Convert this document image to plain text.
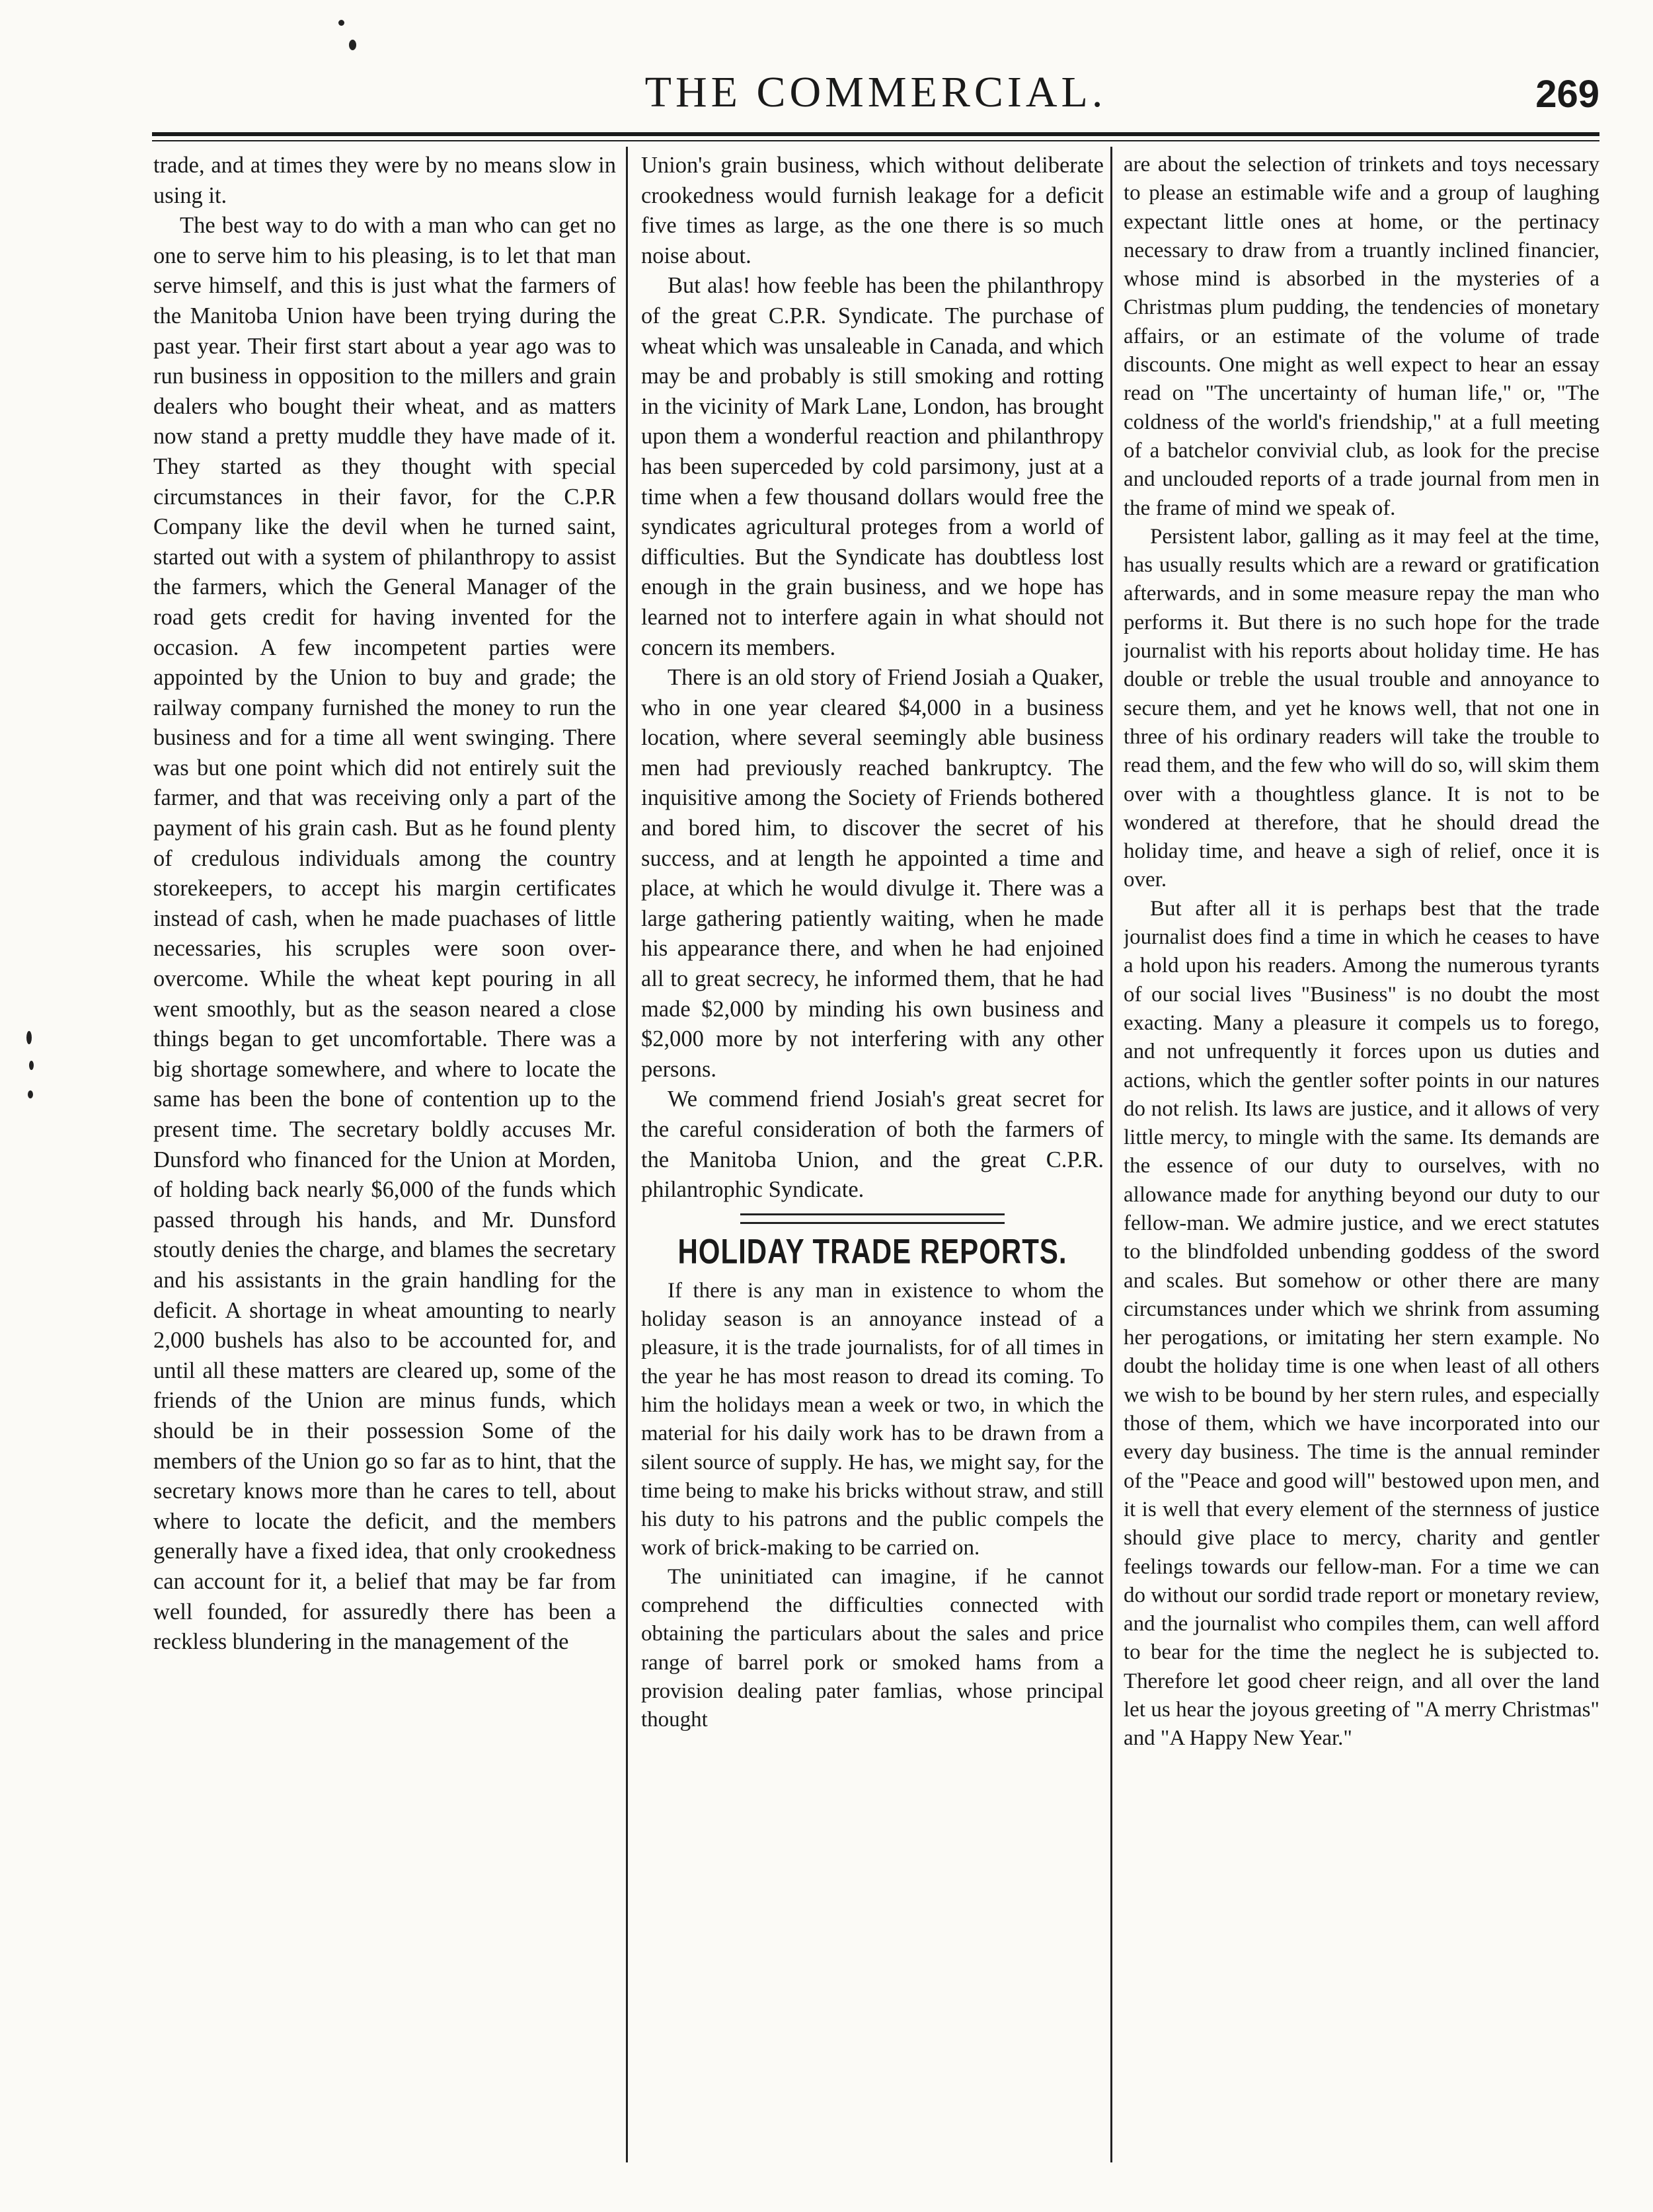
THE COMMERCIAL.	269

trade, and at times they were by no means slow in using it.

The best way to do with a man who can get no one to serve him to his pleasing, is to let that man serve himself, and this is just what the farmers of the Manitoba Union have been trying during the past year. Their first start about a year ago was to run business in opposition to the millers and grain dealers who bought their wheat, and as matters now stand a pretty muddle they have made of it. They started as they thought with special circumstances in their favor, for the C.P.R Company like the devil when he turned saint, started out with a system of philanthropy to assist the farmers, which the General Manager of the road gets credit for having invented for the occasion. A few incompetent parties were appointed by the Union to buy and grade; the railway company furnished the money to run the business and for a time all went swinging. There was but one point which did not entirely suit the farmer, and that was receiving only a part of the payment of his grain cash. But as he found plenty of credulous individuals among the country storekeepers, to accept his margin certificates instead of cash, when he made puachases of little necessaries, his scruples were soon over-overcome. While the wheat kept pouring in all went smoothly, but as the season neared a close things began to get uncomfortable. There was a big shortage somewhere, and where to locate the same has been the bone of contention up to the present time. The secretary boldly accuses Mr. Dunsford who financed for the Union at Morden, of holding back nearly $6,000 of the funds which passed through his hands, and Mr. Dunsford stoutly denies the charge, and blames the secretary and his assistants in the grain handling for the deficit. A shortage in wheat amounting to nearly 2,000 bushels has also to be accounted for, and until all these matters are cleared up, some of the friends of the Union are minus funds, which should be in their possession Some of the members of the Union go so far as to hint, that the secretary knows more than he cares to tell, about where to locate the deficit, and the members generally have a fixed idea, that only crookedness can account for it, a belief that may be far from well founded, for assuredly there has been a reckless blundering in the management of the

Union's grain business, which without deliberate crookedness would furnish leakage for a deficit five times as large, as the one there is so much noise about.

But alas! how feeble has been the philanthropy of the great C.P.R. Syndicate. The purchase of wheat which was unsaleable in Canada, and which may be and probably is still smoking and rotting in the vicinity of Mark Lane, London, has brought upon them a wonderful reaction and philanthropy has been superceded by cold parsimony, just at a time when a few thousand dollars would free the syndicates agricultural proteges from a world of difficulties. But the Syndicate has doubtless lost enough in the grain business, and we hope has learned not to interfere again in what should not concern its members.

There is an old story of Friend Josiah a Quaker, who in one year cleared $4,000 in a business location, where several seemingly able business men had previously reached bankruptcy. The inquisitive among the Society of Friends bothered and bored him, to discover the secret of his success, and at length he appointed a time and place, at which he would divulge it. There was a large gathering patiently waiting, when he made his appearance there, and when he had enjoined all to great secrecy, he informed them, that he had made $2,000 by minding his own business and $2,000 more by not interfering with any other persons.

We commend friend Josiah's great secret for the careful consideration of both the farmers of the Manitoba Union, and the great C.P.R. philantrophic Syndicate.

HOLIDAY TRADE REPORTS.

If there is any man in existence to whom the holiday season is an annoyance instead of a pleasure, it is the trade journalists, for of all times in the year he has most reason to dread its coming. To him the holidays mean a week or two, in which the material for his daily work has to be drawn from a silent source of supply. He has, we might say, for the time being to make his bricks without straw, and still his duty to his patrons and the public compels the work of brick-making to be carried on.

The uninitiated can imagine, if he cannot comprehend the difficulties connected with obtaining the particulars about the sales and price range of barrel pork or smoked hams from a provision dealing pater famlias, whose principal thought

are about the selection of trinkets and toys necessary to please an estimable wife and a group of laughing expectant little ones at home, or the pertinacy necessary to draw from a truantly inclined financier, whose mind is absorbed in the mysteries of a Christmas plum pudding, the tendencies of monetary affairs, or an estimate of the volume of trade discounts. One might as well expect to hear an essay read on "The uncertainty of human life," or, "The coldness of the world's friendship," at a full meeting of a batchelor convivial club, as look for the precise and unclouded reports of a trade journal from men in the frame of mind we speak of.

Persistent labor, galling as it may feel at the time, has usually results which are a reward or gratification afterwards, and in some measure repay the man who performs it. But there is no such hope for the trade journalist with his reports about holiday time. He has double or treble the usual trouble and annoyance to secure them, and yet he knows well, that not one in three of his ordinary readers will take the trouble to read them, and the few who will do so, will skim them over with a thoughtless glance. It is not to be wondered at therefore, that he should dread the holiday time, and heave a sigh of relief, once it is over.

But after all it is perhaps best that the trade journalist does find a time in which he ceases to have a hold upon his readers. Among the numerous tyrants of our social lives "Business" is no doubt the most exacting. Many a pleasure it compels us to forego, and not unfrequently it forces upon us duties and actions, which the gentler softer points in our natures do not relish. Its laws are justice, and it allows of very little mercy, to mingle with the same. Its demands are the essence of our duty to ourselves, with no allowance made for anything beyond our duty to our fellow-man. We admire justice, and we erect statutes to the blindfolded unbending goddess of the sword and scales. But somehow or other there are many circumstances under which we shrink from assuming her perogations, or imitating her stern example. No doubt the holiday time is one when least of all others we wish to be bound by her stern rules, and especially those of them, which we have incorporated into our every day business. The time is the annual reminder of the "Peace and good will" bestowed upon men, and it is well that every element of the sternness of justice should give place to mercy, charity and gentler feelings towards our fellow-man. For a time we can do without our sordid trade report or monetary review, and the journalist who compiles them, can well afford to bear for the time the neglect he is subjected to. Therefore let good cheer reign, and all over the land let us hear the joyous greeting of "A merry Christmas" and "A Happy New Year."
